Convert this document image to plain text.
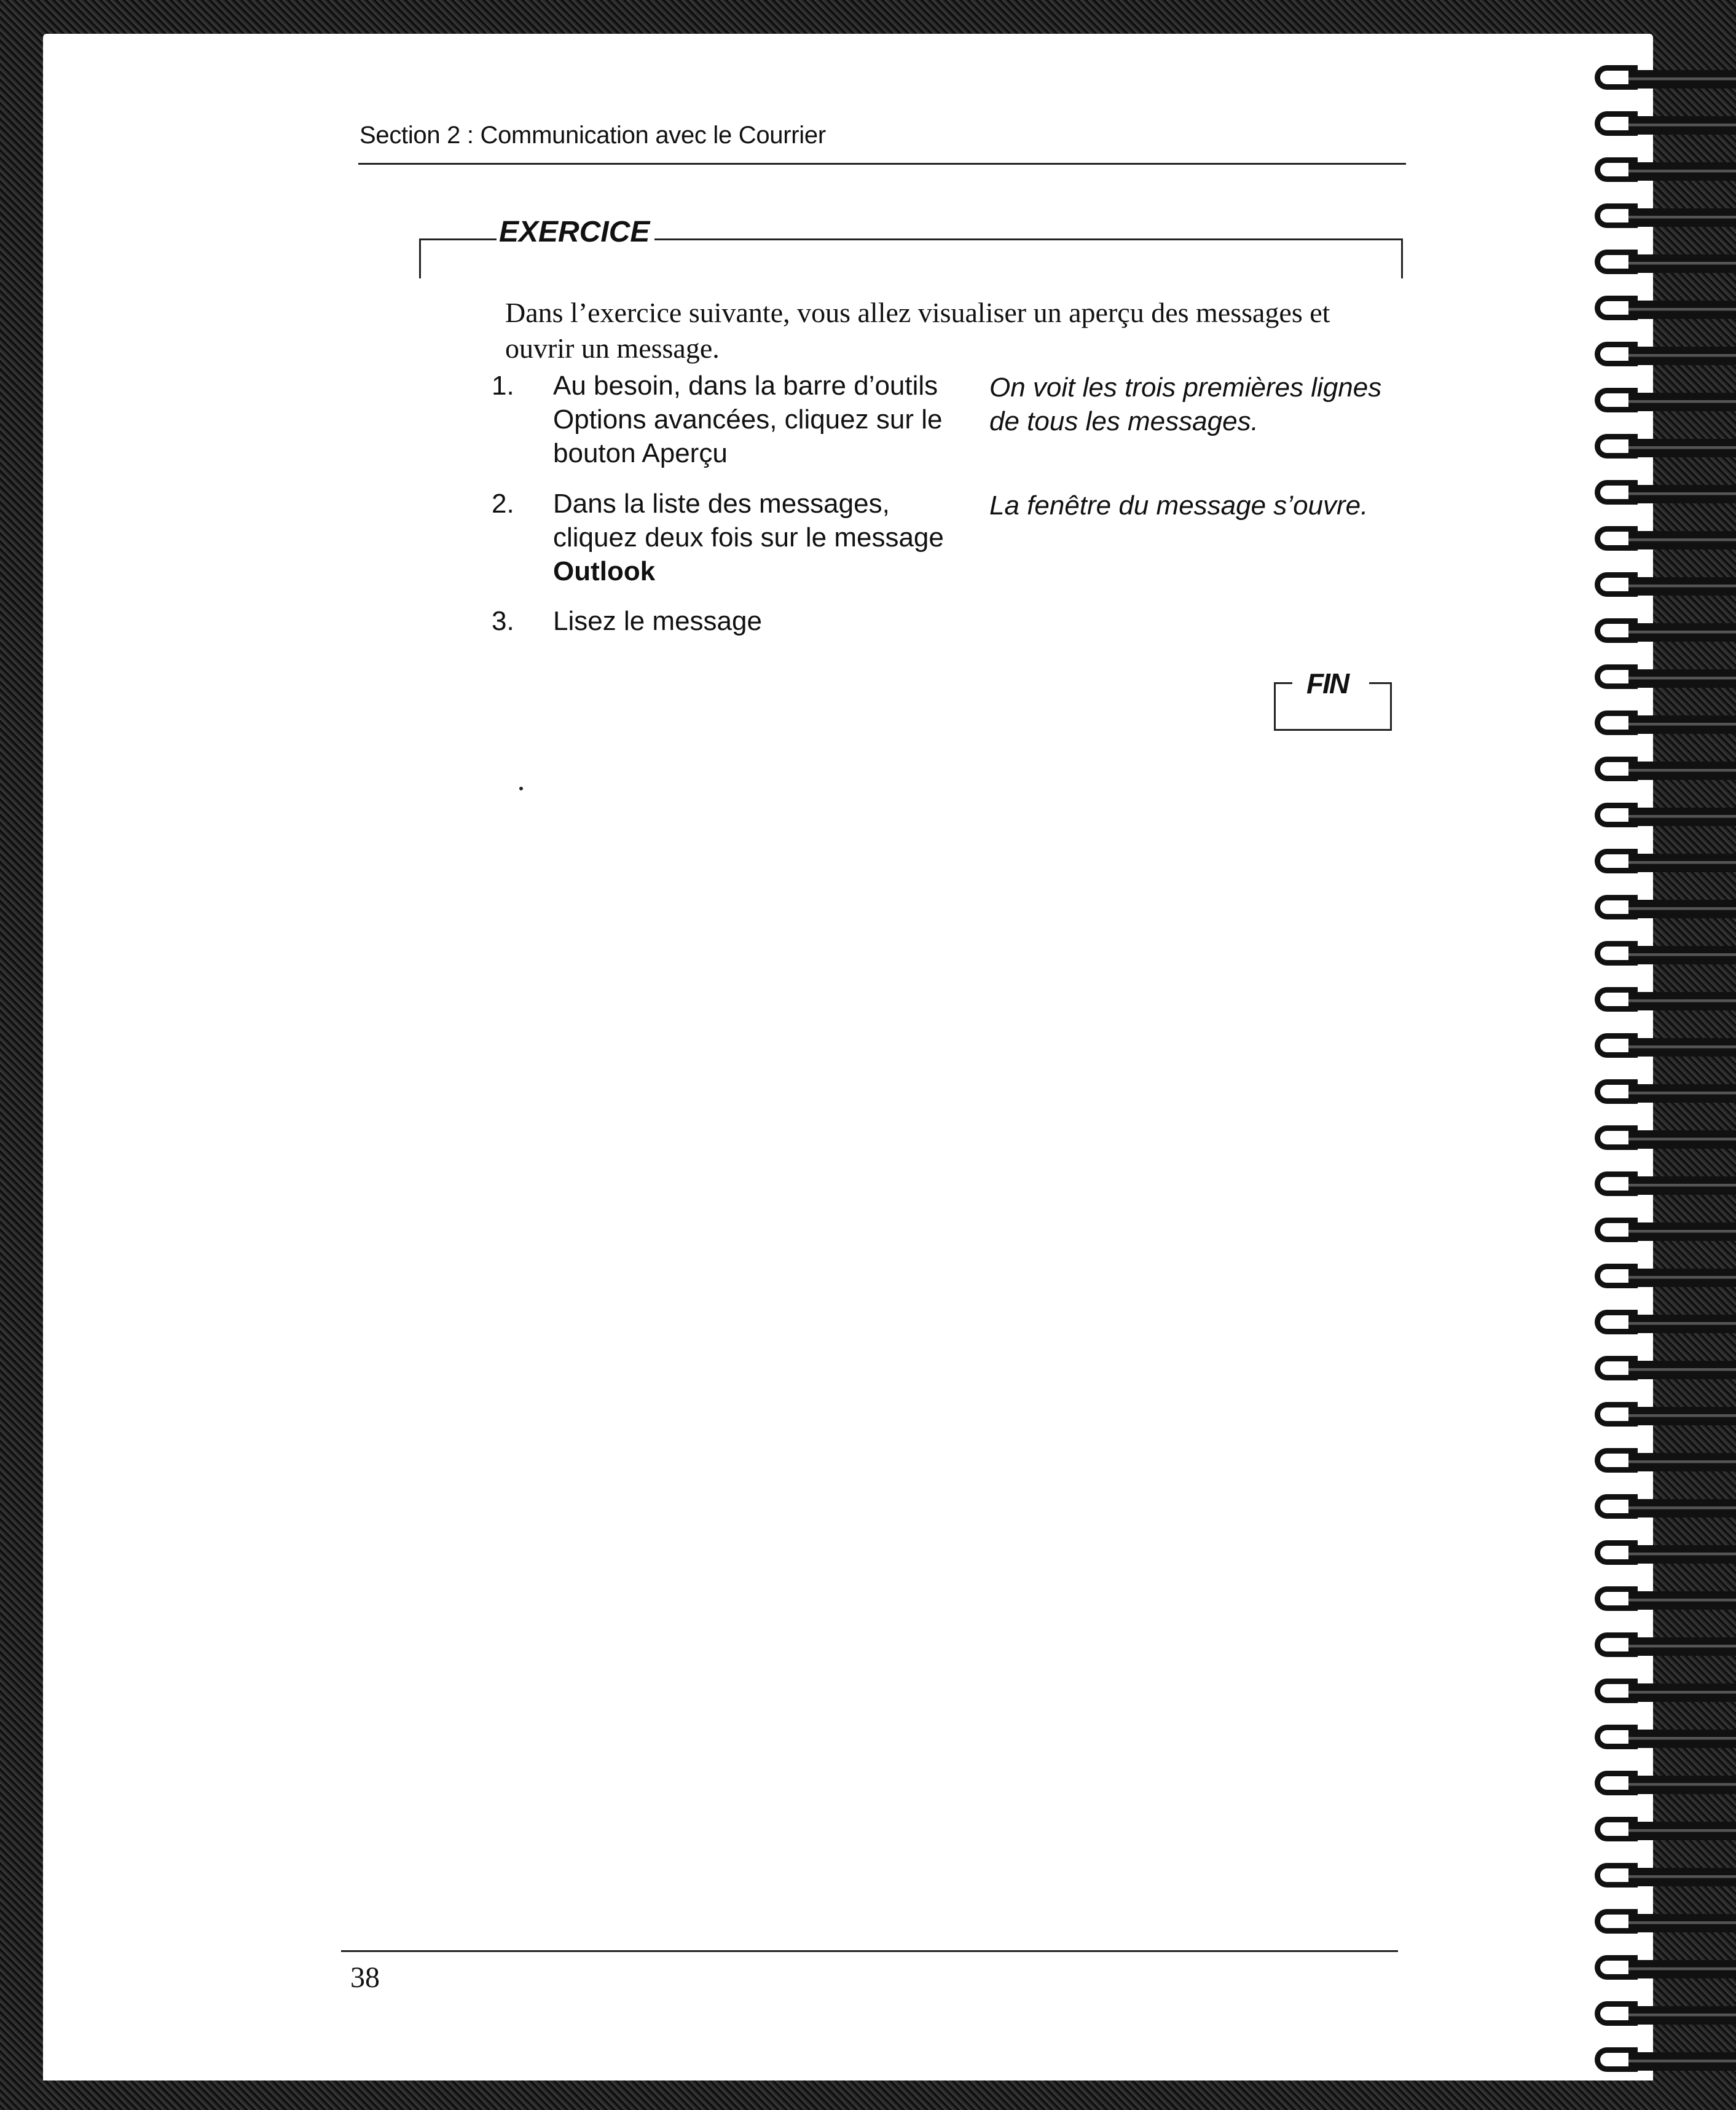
Section 2 : Communication avec le Courrier
EXERCICE
Dans l’exercice suivante, vous allez visualiser un aperçu des messages et ouvrir un message.
1. Au besoin, dans la barre d’outils Options avancées, cliquez sur le bouton Aperçu
On voit les trois premières lignes de tous les messages.
2. Dans la liste des messages, cliquez deux fois sur le message Outlook
La fenêtre du message s’ouvre.
3. Lisez le message
FIN
38
